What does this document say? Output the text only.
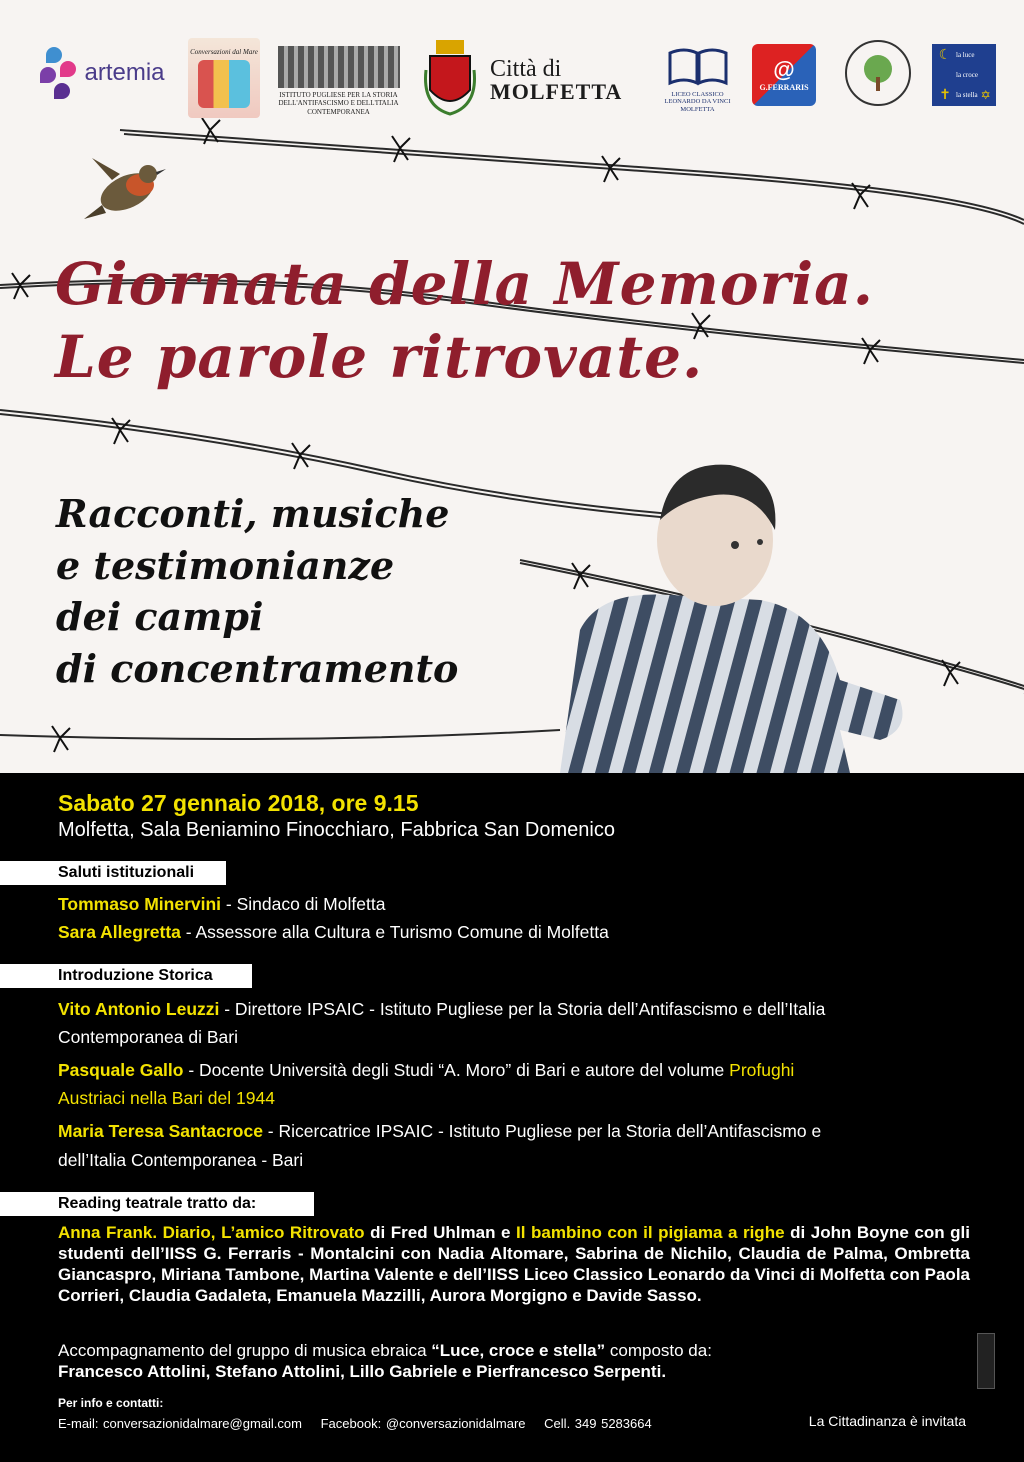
artemia
Conversazioni dal Mare
ISTITUTO PUGLIESE PER LA STORIA DELL'ANTIFASCISMO E DELL'ITALIA CONTEMPORANEA
Città di
MOLFETTA	LICEO CLASSICO LEONARDO DA VINCI MOLFETTA
@
G.FERRARIS
☾ la luce
la croce
✝ la stella ✡
Giornata della Memoria.
Le parole ritrovate.
Racconti, musiche
e testimonianze
dei campi
di concentramento
Sabato 27 gennaio 2018, ore 9.15
Molfetta, Sala Beniamino Finocchiaro, Fabbrica San Domenico
Saluti istituzionali
Tommaso Minervini - Sindaco di Molfetta
Sara Allegretta - Assessore alla Cultura e Turismo Comune di Molfetta
Introduzione Storica
Vito Antonio Leuzzi - Direttore IPSAIC - Istituto Pugliese per la Storia dell’Antifascismo e dell’Italia
Contemporanea di Bari
Pasquale Gallo - Docente Università degli Studi “A. Moro” di Bari e autore del volume Profughi
Austriaci nella Bari del 1944
Maria Teresa Santacroce - Ricercatrice IPSAIC - Istituto Pugliese per la Storia dell’Antifascismo e
dell’Italia Contemporanea - Bari
Reading teatrale tratto da:
Anna Frank. Diario, L’amico Ritrovato di Fred Uhlman e Il bambino con il pigiama a righe di John Boyne con gli studenti dell’IISS G. Ferraris - Montalcini con Nadia Altomare, Sabrina de Nichilo, Claudia de Palma, Ombretta Giancaspro, Miriana Tambone, Martina Valente e dell’IISS Liceo Classico Leonardo da Vinci di Molfetta con Paola Corrieri, Claudia Gadaleta, Emanuela Mazzilli, Aurora Morgigno e Davide Sasso.
Accompagnamento del gruppo di musica ebraica “Luce, croce e stella” composto da:
Francesco Attolini, Stefano Attolini, Lillo Gabriele e Pierfrancesco Serpenti.
Per info e contatti:
E-mail: conversazionidalmare@gmail.com Facebook: @conversazionidalmare Cell. 349 5283664	La Cittadinanza è invitata
